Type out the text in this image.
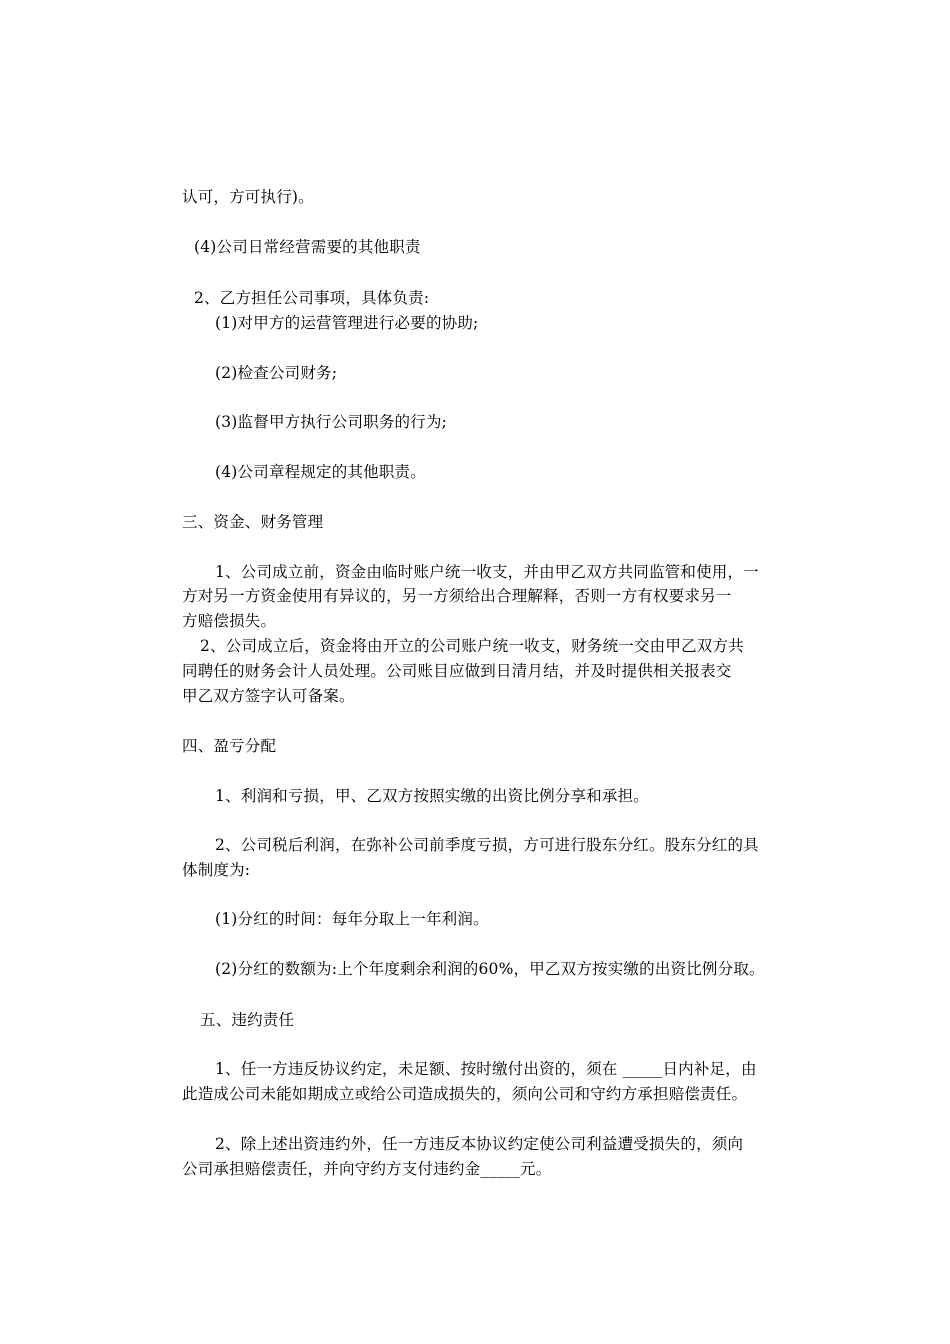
认可，方可执行)。
(4)公司日常经营需要的其他职责
2、乙方担任公司事项，具体负责:
(1)对甲方的运营管理进行必要的协助;
(2)检查公司财务;
(3)监督甲方执行公司职务的行为;
(4)公司章程规定的其他职责。
三、资金、财务管理
1、公司成立前，资金由临时账户统一收支，并由甲乙双方共同监管和使用，一
方对另一方资金使用有异议的，另一方须给出合理解释，否则一方有权要求另一
方赔偿损失。
2、公司成立后，资金将由开立的公司账户统一收支，财务统一交由甲乙双方共
同聘任的财务会计人员处理。公司账目应做到日清月结，并及时提供相关报表交
甲乙双方签字认可备案。
四、盈亏分配
1、利润和亏损，甲、乙双方按照实缴的出资比例分享和承担。
2、公司税后利润，在弥补公司前季度亏损，方可进行股东分红。股东分红的具
体制度为:
(1)分红的时间：每年分取上一年利润。
(2)分红的数额为:上个年度剩余利润的60%，甲乙双方按实缴的出资比例分取。
五、违约责任
1、任一方违反协议约定，未足额、按时缴付出资的，须在 _____日内补足，由
此造成公司未能如期成立或给公司造成损失的，须向公司和守约方承担赔偿责任。
2、除上述出资违约外，任一方违反本协议约定使公司利益遭受损失的，须向
公司承担赔偿责任，并向守约方支付违约金_____元。
